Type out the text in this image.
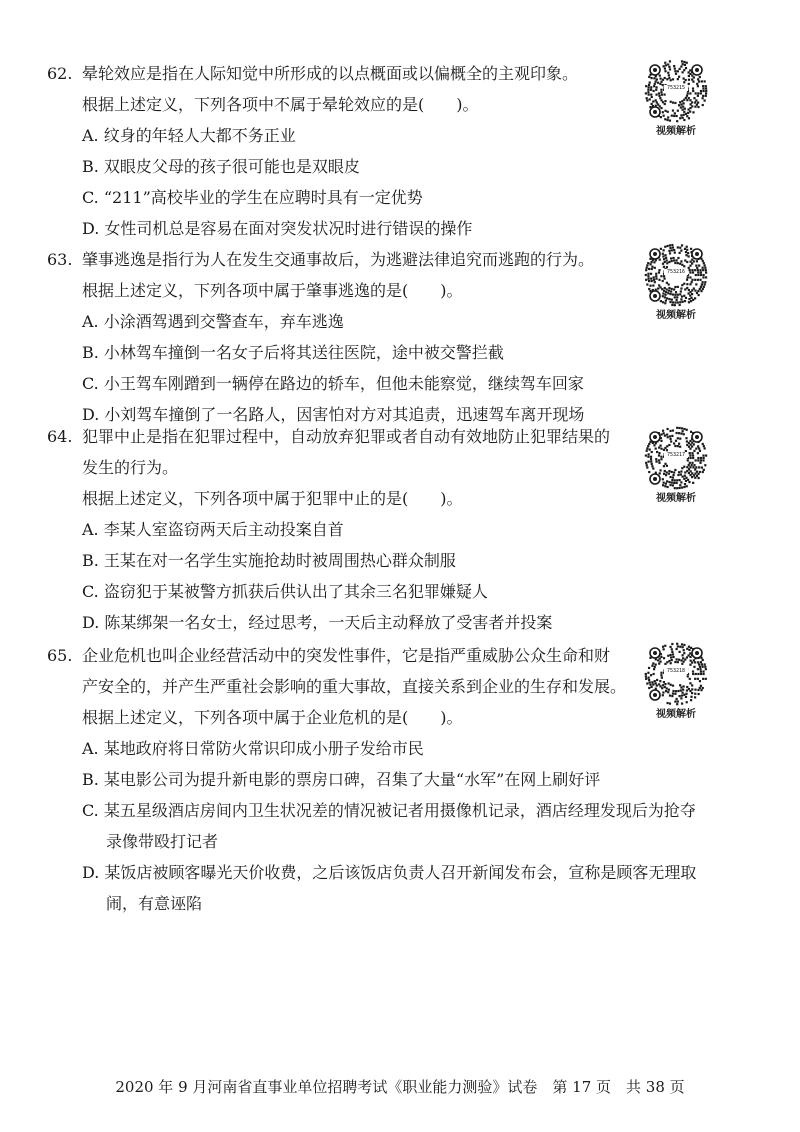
62. 晕轮效应是指在人际知觉中所形成的以点概面或以偏概全的主观印象。
根据上述定义，下列各项中不属于晕轮效应的是(　　)。
A. 纹身的年轻人大都不务正业
B. 双眼皮父母的孩子很可能也是双眼皮
C. “211”高校毕业的学生在应聘时具有一定优势
D. 女性司机总是容易在面对突发状况时进行错误的操作
753215
视频解析
63. 肇事逃逸是指行为人在发生交通事故后，为逃避法律追究而逃跑的行为。
根据上述定义，下列各项中属于肇事逃逸的是(　　)。
A. 小涂酒驾遇到交警查车，弃车逃逸
B. 小林驾车撞倒一名女子后将其送往医院，途中被交警拦截
C. 小王驾车刚蹭到一辆停在路边的轿车，但他未能察觉，继续驾车回家
D. 小刘驾车撞倒了一名路人，因害怕对方对其追责，迅速驾车离开现场
753216
视频解析
64. 犯罪中止是指在犯罪过程中，自动放弃犯罪或者自动有效地防止犯罪结果的
发生的行为。
根据上述定义，下列各项中属于犯罪中止的是(　　)。
A. 李某人室盗窃两天后主动投案自首
B. 王某在对一名学生实施抢劫时被周围热心群众制服
C. 盗窃犯于某被警方抓获后供认出了其余三名犯罪嫌疑人
D. 陈某绑架一名女士，经过思考，一天后主动释放了受害者并投案
753217
视频解析
65. 企业危机也叫企业经营活动中的突发性事件，它是指严重威胁公众生命和财
产安全的，并产生严重社会影响的重大事故，直接关系到企业的生存和发展。
根据上述定义，下列各项中属于企业危机的是(　　)。
A. 某地政府将日常防火常识印成小册子发给市民
B. 某电影公司为提升新电影的票房口碑，召集了大量“水军”在网上刷好评
C. 某五星级酒店房间内卫生状况差的情况被记者用摄像机记录，酒店经理发现后为抢夺
录像带殴打记者
D. 某饭店被顾客曝光天价收费，之后该饭店负责人召开新闻发布会，宣称是顾客无理取
闹，有意诬陷
753218
视频解析
2020 年 9 月河南省直事业单位招聘考试《职业能力测验》试卷　第 17 页　共 38 页
